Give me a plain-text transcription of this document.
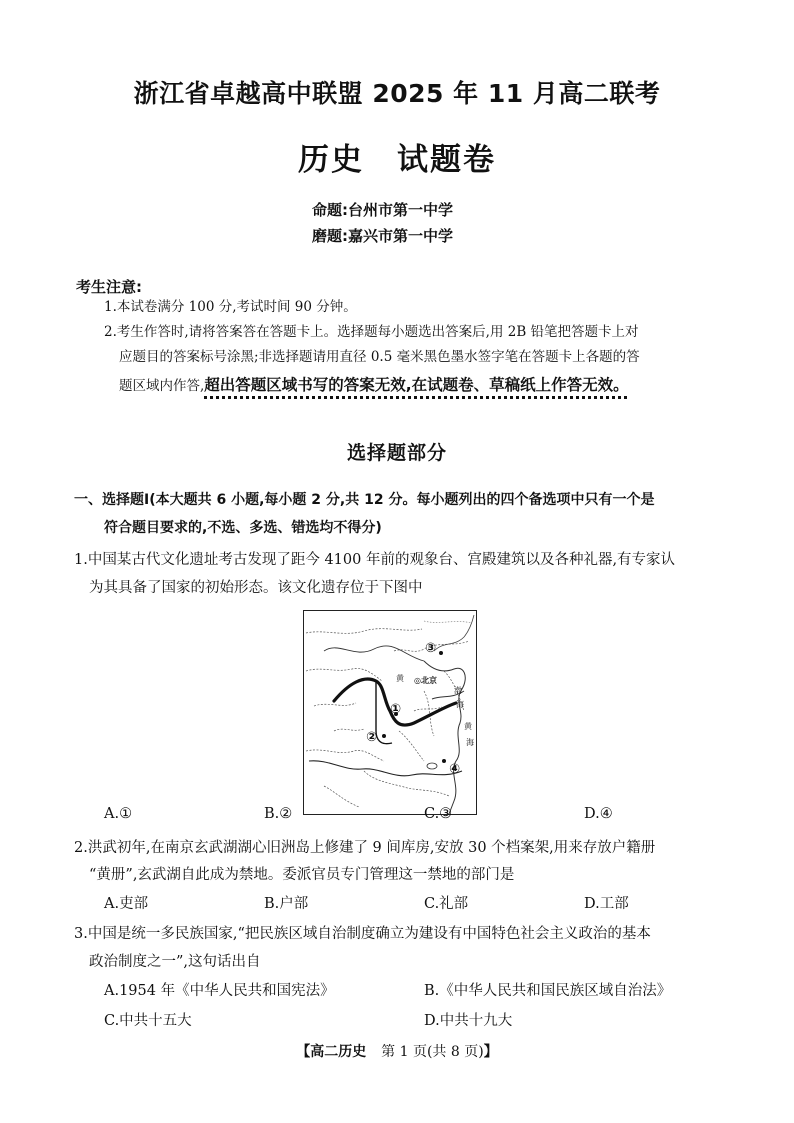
浙江省卓越高中联盟 2025 年 11 月高二联考
历史　试题卷
命题:台州市第一中学
磨题:嘉兴市第一中学
考生注意:
1.本试卷满分 100 分,考试时间 90 分钟。
2.考生作答时,请将答案答在答题卡上。选择题每小题选出答案后,用 2B 铅笔把答题卡上对
应题目的答案标号涂黑;非选择题请用直径 0.5 毫米黑色墨水签字笔在答题卡上各题的答
题区域内作答,超出答题区域书写的答案无效,在试题卷、草稿纸上作答无效。
选择题部分
一、选择题Ⅰ(本大题共 6 小题,每小题 2 分,共 12 分。每小题列出的四个备选项中只有一个是
符合题目要求的,不选、多选、错选均不得分)
1.中国某古代文化遗址考古发现了距今 4100 年前的观象台、宫殿建筑以及各种礼器,有专家认
为其具备了国家的初始形态。该文化遗存位于下图中
③
①
②
④
◎北京
渤
海
黄
海
黄
A.①	B.②	C.③	D.④
2.洪武初年,在南京玄武湖湖心旧洲岛上修建了 9 间库房,安放 30 个档案架,用来存放户籍册
“黄册”,玄武湖自此成为禁地。委派官员专门管理这一禁地的部门是
A.吏部	B.户部	C.礼部	D.工部
3.中国是统一多民族国家,“把民族区域自治制度确立为建设有中国特色社会主义政治的基本
政治制度之一”,这句话出自
A.1954 年《中华人民共和国宪法》	B.《中华人民共和国民族区域自治法》
C.中共十五大	D.中共十九大
【高二历史 第 1 页(共 8 页)】
